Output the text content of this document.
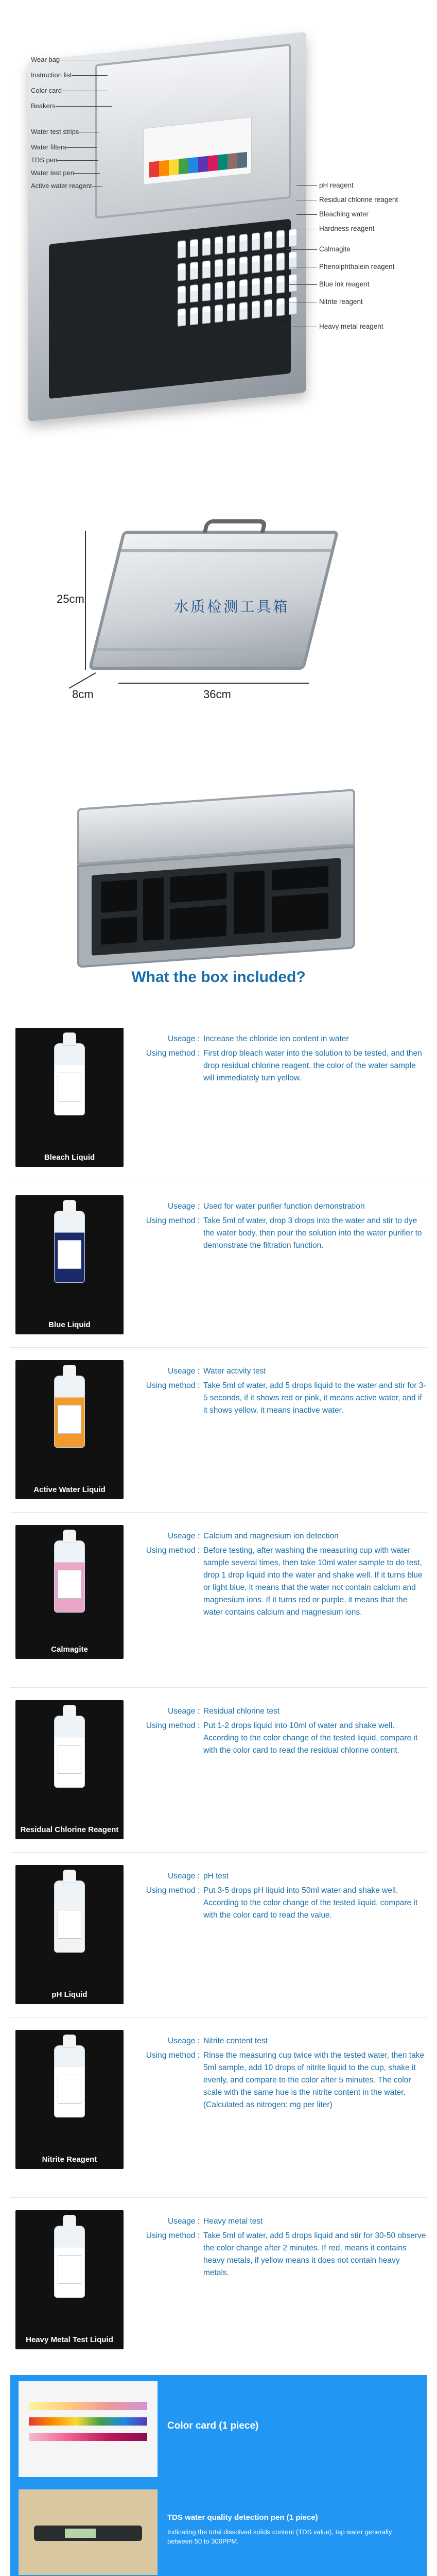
Wear bag
Instruction list
Color card
Beakers
Water test strips
Water filters
TDS pen
Water test pen
Active water reagent	pH reagent
Residual chlorine reagent
Bleaching water
Hardness reagent
Calmagite
Phenolphthalein reagent
Blue ink reagent
Nitrite reagent
Heavy metal reagent
水质检测工具箱
25cm
8cm	36cm
What the box included?
Bleach Liquid
Useage : Increase the chloride ion content in water
Using method : First drop bleach water into the solution to be tested, and then drop residual chlorine reagent, the color of the water sample will immediately turn yellow.
Blue Liquid
Useage : Used for water purifier function demonstration
Using method : Take 5ml of water, drop 3 drops into the water and stir to dye the water body, then pour the solution into the water purifier to demonstrate the filtration function.
Active Water Liquid
Useage : Water activity test
Using method : Take 5ml of water, add 5 drops liquid to the water and stir for 3-5 seconds, if it shows red or pink, it means active water, and if it shows yellow, it means inactive water.
Calmagite
Useage : Calcium and magnesium ion detection
Using method : Before testing, after washing the measuring cup with water sample several times, then take 10ml water sample to do test, drop 1 drop liquid into the water and shake well. If it turns blue or light blue, it means that the water not contain calcium and magnesium ions. If it turns red or purple, it means that the water contains calcium and magnesium ions.
Residual Chlorine Reagent
Useage : Residual chlorine test
Using method : Put 1-2 drops liquid into 10ml of water and shake well. According to the color change of the tested liquid, compare it with the color card to read the residual chlorine content.
pH Liquid
Useage : pH test
Using method : Put 3-5 drops pH liquid into 50ml water and shake well. According to the color change of the tested liquid, compare it with the color card to read the value.
Nitrite Reagent
Useage : Nitrite content test
Using method : Rinse the measuring cup twice with the tested water, then take 5ml sample, add 10 drops of nitrite liquid to the cup, shake it evenly, and compare to the color after 5 minutes. The color scale with the same hue is the nitrite content in the water. (Calculated as nitrogen: mg per liter)
Heavy Metal Test Liquid
Useage : Heavy metal test
Using method : Take 5ml of water, add 5 drops liquid and stir for 30-50 observe the color change after 2 minutes. If red, means it contains heavy metals, if yellow means it does not contain heavy metals.
Color card (1 piece)
TDS water quality detection pen (1 piece)
Indicating the total dissolved solids content (TDS value), tap water generally between 50 to 300PPM.
